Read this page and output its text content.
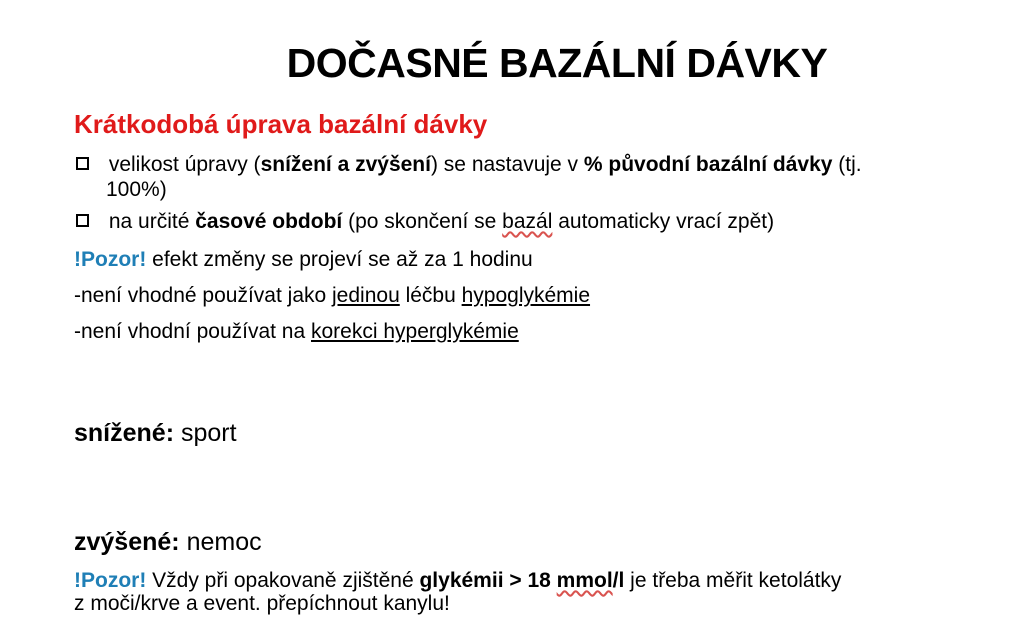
DOČASNÉ BAZÁLNÍ DÁVKY
Krátkodobá úprava bazální dávky
velikost úpravy (snížení a zvýšení) se nastavuje v % původní bazální dávky (tj.
100%)
na určité časové období (po skončení se bazál automaticky vrací zpět)
!Pozor! efekt změny se projeví se až za 1 hodinu
-není vhodné používat jako jedinou léčbu hypoglykémie
-není vhodní používat na korekci hyperglykémie
snížené: sport
zvýšené: nemoc
!Pozor! Vždy při opakovaně zjištěné glykémii > 18 mmol/l je třeba měřit ketolátky
z moči/krve a event. přepíchnout kanylu!
